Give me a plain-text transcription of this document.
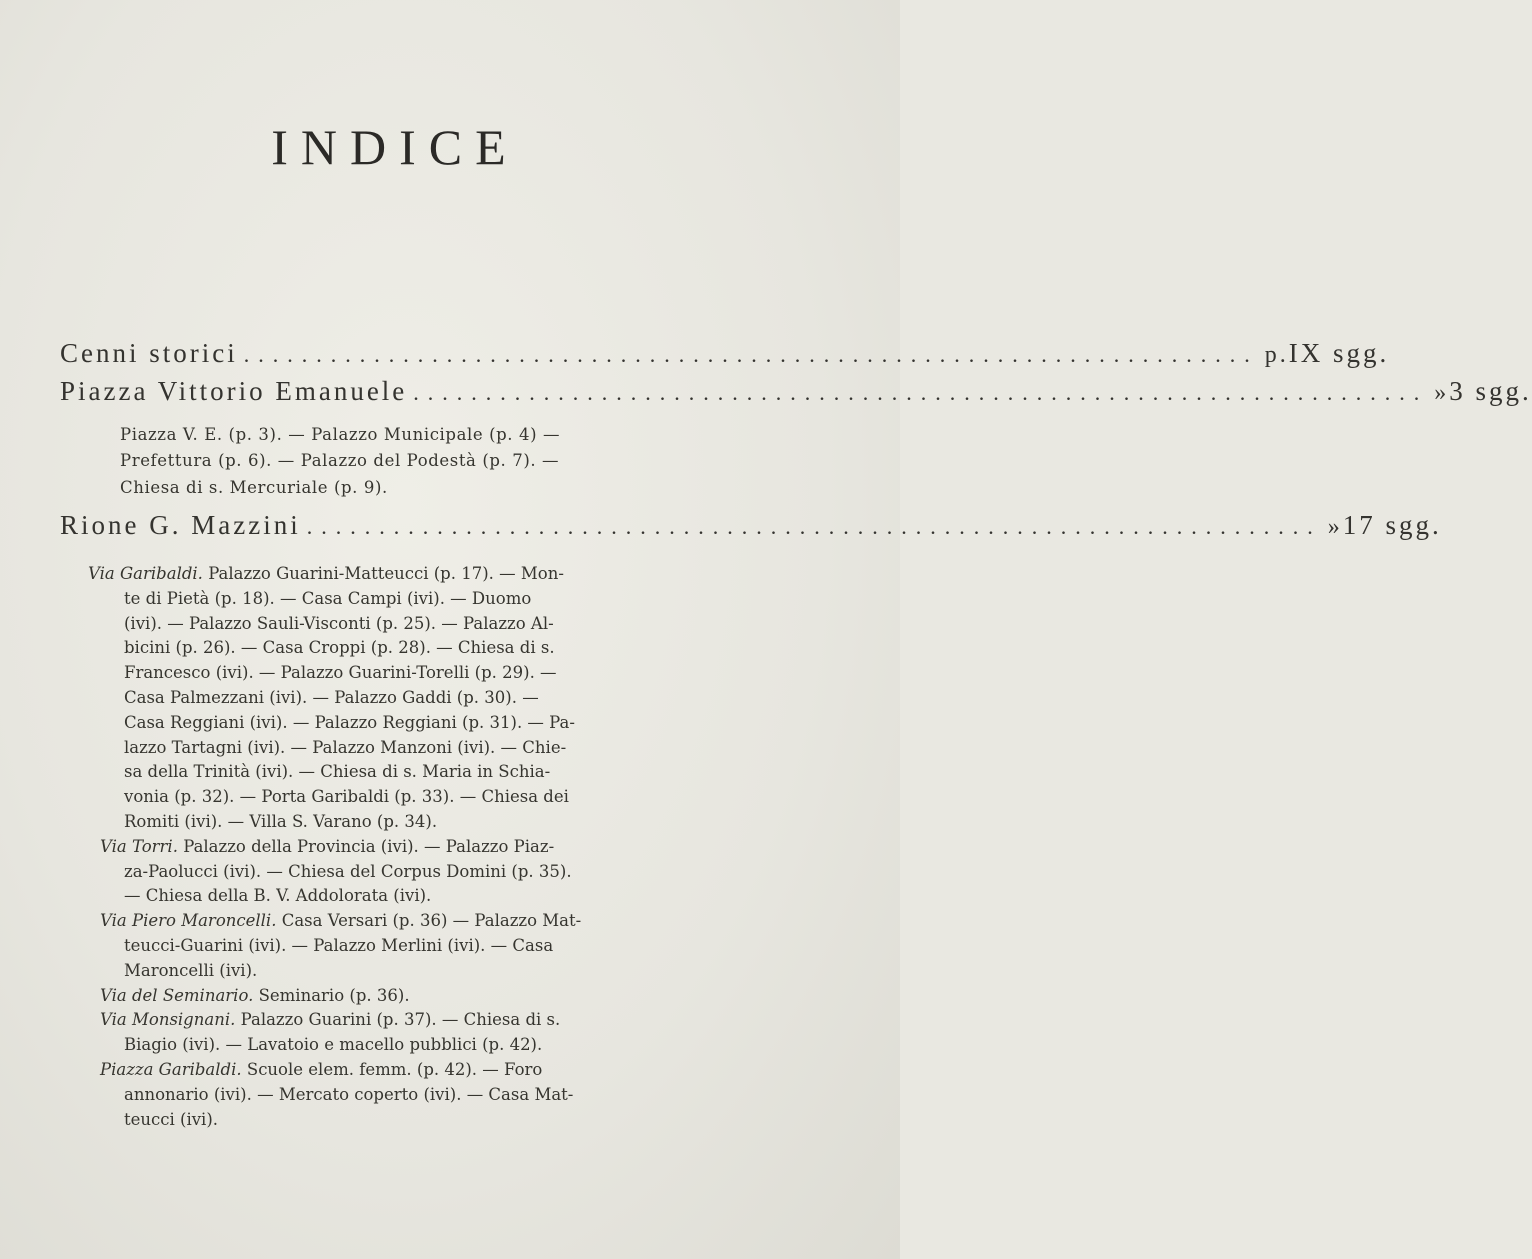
INDICE
Cenni storici ...................................................................... p. IX sgg.
Piazza Vittorio Emanuele ...................................................................... » 3 sgg.
Piazza V. E. (p. 3). — Palazzo Municipale (p. 4) —
Prefettura (p. 6). — Palazzo del Podestà (p. 7). —
Chiesa di s. Mercuriale (p. 9).
Rione G. Mazzini ...................................................................... » 17 sgg.

Via Garibaldi. Palazzo Guarini-Matteucci (p. 17). — Mon-
te di Pietà (p. 18). — Casa Campi (ivi). — Duomo
(ivi). — Palazzo Sauli-Visconti (p. 25). — Palazzo Al-
bicini (p. 26). — Casa Croppi (p. 28). — Chiesa di s.
Francesco (ivi). — Palazzo Guarini-Torelli (p. 29). —
Casa Palmezzani (ivi). — Palazzo Gaddi (p. 30). —
Casa Reggiani (ivi). — Palazzo Reggiani (p. 31). — Pa-
lazzo Tartagni (ivi). — Palazzo Manzoni (ivi). — Chie-
sa della Trinità (ivi). — Chiesa di s. Maria in Schia-
vonia (p. 32). — Porta Garibaldi (p. 33). — Chiesa dei
Romiti (ivi). — Villa S. Varano (p. 34).

Via Torri. Palazzo della Provincia (ivi). — Palazzo Piaz-
za-Paolucci (ivi). — Chiesa del Corpus Domini (p. 35).
— Chiesa della B. V. Addolorata (ivi).

Via Piero Maroncelli. Casa Versari (p. 36) — Palazzo Mat-
teucci-Guarini (ivi). — Palazzo Merlini (ivi). — Casa
Maroncelli (ivi).

Via del Seminario. Seminario (p. 36).

Via Monsignani. Palazzo Guarini (p. 37). — Chiesa di s.
Biagio (ivi). — Lavatoio e macello pubblici (p. 42).

Piazza Garibaldi. Scuole elem. femm. (p. 42). — Foro
annonario (ivi). — Mercato coperto (ivi). — Casa Mat-
teucci (ivi).
